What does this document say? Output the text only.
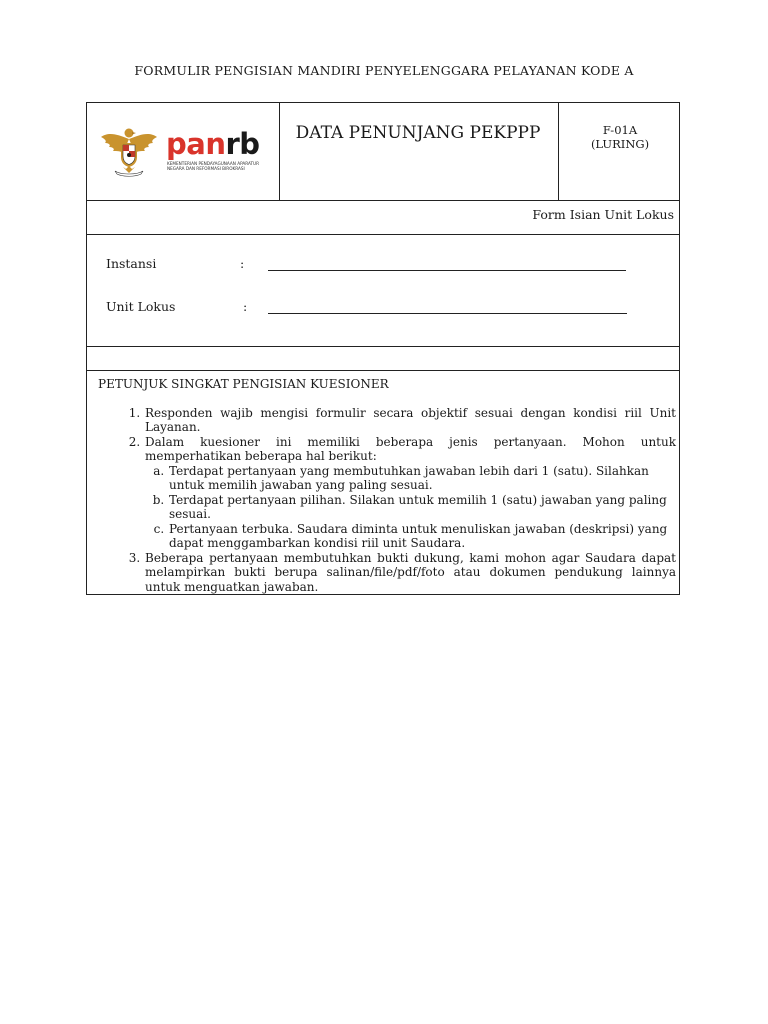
FORMULIR PENGISIAN MANDIRI PENYELENGGARA PELAYANAN KODE A
panrb
KEMENTERIAN PENDAYAGUNAAN APARATUR NEGARA DAN REFORMASI BIROKRASI
DATA PENUNJANG PEKPPP	F-01A
(LURING)
Form Isian Unit Lokus
Instansi	:
Unit Lokus	:
PETUNJUK SINGKAT PENGISIAN KUESIONER
1. Responden wajib mengisi formulir secara objektif sesuai dengan kondisi riil Unit Layanan.
2. Dalam kuesioner ini memiliki beberapa jenis pertanyaan. Mohon untuk memperhatikan beberapa hal berikut:
a. Terdapat pertanyaan yang membutuhkan jawaban lebih dari 1 (satu). Silahkan untuk memilih jawaban yang paling sesuai.
b. Terdapat pertanyaan pilihan. Silakan untuk memilih 1 (satu) jawaban yang paling sesuai.
c. Pertanyaan terbuka. Saudara diminta untuk menuliskan jawaban (deskripsi) yang dapat menggambarkan kondisi riil unit Saudara.
3. Beberapa pertanyaan membutuhkan bukti dukung, kami mohon agar Saudara dapat melampirkan bukti berupa salinan/file/pdf/foto atau dokumen pendukung lainnya untuk menguatkan jawaban.
